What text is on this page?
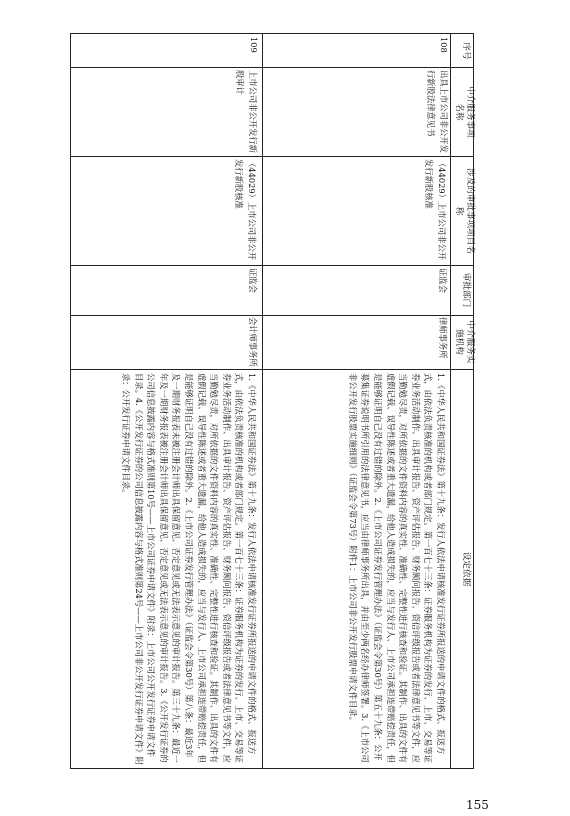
序号
中介服务事项名称
涉及的审批事项项目名称
审批部门
中介服务实施机构
设定依据
108
出具上市公司非公开发行新股法律意见书
（44029）上市公司非公开发行新股核准
证监会
律师事务所
1.《中华人民共和国证券法》第十九条：发行人依法申请核准发行证券所报送的申请文件的格式、报送方式，由依法负责核准的机构或者部门规定。第一百七十三条：证券服务机构为证券的发行、上市、交易等证券业务活动制作、出具审计报告、资产评估报告、财务顾问报告、资信评级报告或者法律意见书等文件，应当勤勉尽责，对所依据的文件资料内容的真实性、准确性、完整性进行核查和验证。其制作、出具的文件有虚假记载、误导性陈述或者重大遗漏，给他人造成损失的，应当与发行人、上市公司承担连带赔偿责任，但是能够证明自己没有过错的除外。2.《上市公司证券发行管理办法》（证监会令第30号）第五十九条：公开募集证券说明书所引用的法律意见书，应当由律师事务所出具，并由至少两名经办律师签署。3.《上市公司非公开发行股票实施细则》（证监会令第73号）附件1：上市公司非公开发行股票申请文件目录。
109
上市公司非公开发行新股审计
（44029）上市公司非公开发行新股核准
证监会
会计师事务所
1.《中华人民共和国证券法》第十九条：发行人依法申请核准发行证券所报送的申请文件的格式、报送方式，由依法负责核准的机构或者部门规定。第一百七十三条：证券服务机构为证券的发行、上市、交易等证券业务活动制作、出具审计报告、资产评估报告、财务顾问报告、资信评级报告或者法律意见书等文件，应当勤勉尽责，对所依据的文件资料内容的真实性、准确性、完整性进行核查和验证。其制作、出具的文件有虚假记载、误导性陈述或者重大遗漏，给他人造成损失的，应当与发行人、上市公司承担连带赔偿责任，但是能够证明自己没有过错的除外。2.《上市公司证券发行管理办法》（证监会令第30号）第八条：最近3年及一期财务报表未被注册会计师出具保留意见、否定意见或无法表示意见的审计报告。第三十九条：最近一年及一期财务报表被注册会计师出具保留意见、否定意见或无法表示意见的审计报告。3.《公开发行证券的公司信息披露内容与格式准则第10号——上市公司证券申请文件》附录：上市公司公开发行证券申请文件目录。4.《公开发行证券的公司信息披露内容与格式准则第24号——上市公司非公开发行证券申请文件》附录：公开发行证券申请文件目录。
155
